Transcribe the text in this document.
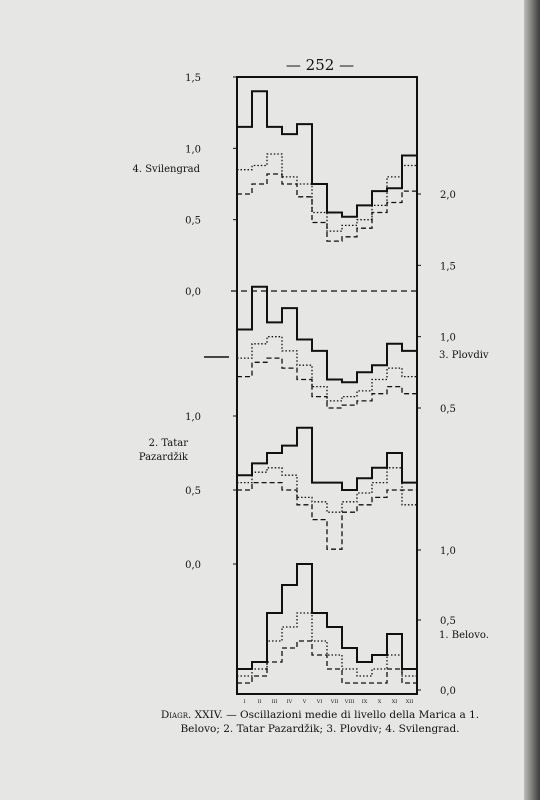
— 252 —
0,0
0,5
1,0
1,5
4. Svilengrad
0,5
1,0
1,5
2,0
3. Plovdiv
0,0
0,5
1,0
2. Tatar
Pazardžik
0,0
0,5
1,0
1. Belovo.
I II III IV V VI VII VIII IX X XI XII
Diagr. XXIV. — Oscillazioni medie di livello della Marica a 1. Belovo; 2. Tatar Pazardžik; 3. Plovdiv; 4. Svilengrad.
